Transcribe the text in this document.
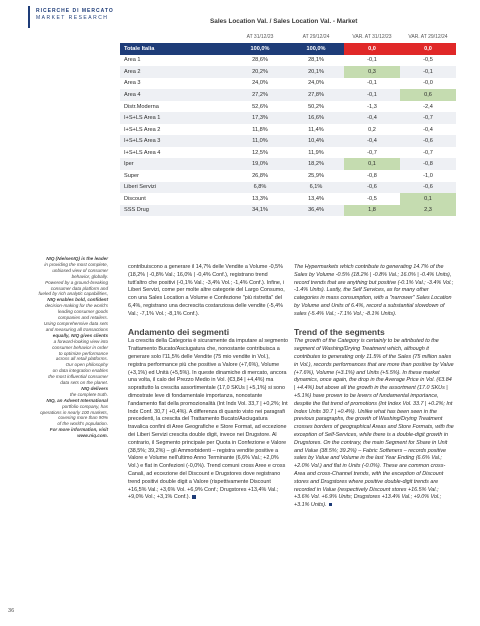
RICERCHE DI MERCATO
MARKET RESEARCH	Sales Location Val. / Sales Location Val. - Market
AT 31/12/23	AT 29/12/24	VAR. AT 31/12/23	VAR. AT 29/12/24
Totale Italia	100,0%	100,0%	0,0	0,0
Area 1	28,6%	28,1%	-0,1	-0,5
Area 2	20,2%	20,1%	0,3	-0,1
Area 3	24,0%	24,0%	-0,1	-0,0
Area 4	27,2%	27,8%	-0,1	0,6
Distr.Moderna	52,6%	50,2%	-1,3	-2,4
I+S+LS Area 1	17,3%	16,6%	-0,4	-0,7
I+S+LS Area 2	11,8%	11,4%	0,2	-0,4
I+S+LS Area 3	11,0%	10,4%	-0,4	-0,6
I+S+LS Area 4	12,5%	11,9%	-0,7	-0,7
Iper	19,0%	18,2%	0,1	-0,8
Super	26,8%	25,9%	-0,8	-1,0
Liberi Servizi	6,8%	6,1%	-0,6	-0,6
Discount	13,3%	13,4%	-0,5	0,1
SSS Drug	34,1%	36,4%	1,8	2,3
NIQ (NielsenIQ) is the leader
in providing the most complete,
unbiased view of consumer
behavior, globally.
Powered by a ground-breaking
consumer data platform and
fueled by rich analytic capabilities,
NIQ enables bold, confident
decision-making for the world's
leading consumer goods
companies and retailers.
Using comprehensive data sets
and measuring all transactions
equally, NIQ gives clients
a forward-looking view into
consumer behavior in order
to optimize performance
across all retail platforms.
Our open philosophy
on data integration enables
the most influential consumer
data sets on the planet.
NIQ delivers
the complete truth.
NIQ, an Advent International
portfolio company, has
operations in nearly 100 markets,
covering more than 90%
of the world's population.
For more information, visit
www.niq.com.

contribuiscono a generare il 14,7% delle Vendite a Volume -0,5% (18,2% | -0,8% Val.; 16,0% | -0,4% Conf.), registrano trend tutt'altro che positivi (-0,1% Val.; -3,4% Vol.; -1,4% Conf.). Infine, i Liberi Servizi, come per molte altre categorie del Largo Consumo, con una Sales Location a Volume e Confezione "più ristretta" del 6,4%, registrano una decrescita costanziosa delle vendite (-5,4% Val.; -7,1% Vol.; -8,1% Conf.).

Andamento dei segmenti

La crescita della Categoria è sicuramente da imputare al segmento Trattamento Bucato/Asciugatura che, nonostante contribuisca a generare solo l'11,5% delle Vendite (75 mio vendite in Vol.), registra performance più che positive a Valore (+7,6%), Volume (+3,1%) ed Unità (+5,5%). In queste dinamiche di mercato, ancora una volta, il calo del Prezzo Medio in Vol. (€3,84 | +4,4%) ma soprattutto la crescita assortimentale (17,0 SKUs | +5,1%) si sono dimostrate leve di fondamentale importanza, nonostante l'andamento flat della promozionalità (Int Indx Vol. 33,7 | +0,2%; Int Indx Conf. 30,7 | +0,4%). A differenza di quanto visto nei paragrafi precedenti, la crescita del Trattamento Bucato/Asciugatura travalica confini di Aree Geografiche e Store Format, ad eccezione dei Liberi Servizi crescita double digit, invece nei Drugstore. Al contrario, il Segmento principale per Quota in Confezione e Valore (38,5%; 39,2%) – gli Ammorbidenti – registra vendite positive a Valore e Volume nell'ultimo Anno Terminante (6,6% Val.; +2,0% Vol.) e flat in Confezioni (-0,0%). Trend comuni cross Aree e cross Canali, ad eccezione del Discount e Drugstores dove registrano trend positivi double digit a Valore (rispettivamente Discount +16,5% Val.; +3,6% Vol. +6,9% Conf.; Drugstores +13,4% Val.; +9,0% Vol.; +3,1% Conf.).

The Hypermarkets which contribute to generating 14.7% of the Sales by Volume -0.5% (18.2% | -0.8% Val.; 16.0% | -0.4% Units), record trends that are anything but positive (-0.1% Val.; -3.4% Vol.; -1.4% Units). Lastly, the Self Services, as for many other categories in mass consumption, with a "narrower" Sales Location by Volume and Units of 6.4%, record a substantial slowdown of sales (-5.4% Val.; -7.1% Vol.; -8.1% Units).

Trend of the segments

The growth of the Category is certainly to be attributed to the segment of Washing/Drying Treatment which, although it contributes to generating only 11.5% of the Sales (75 million sales in Vol.), records performances that are more than positive by Value (+7.6%), Volume (+3.1%) and Units (+5.5%). In these market dynamics, once again, the drop in the Average Price in Vol. (€3.84 | +4.4%) but above all the growth in the assortment (17.0 SKUs | +5.1%) have proven to be levers of fundamental importance, despite the flat trend of promotions (Int Index Vol. 33.7 | +0.2%; Int Index Units 30.7 | +0.4%). Unlike what has been seen in the previous paragraphs, the growth of Washing/Drying Treatment crosses borders of geographical Areas and Store Formats, with the exception of Self-Services, while there is a double-digit growth in Drugstores. On the contrary, the main Segment for Share in Unit and Value (38.5%; 39.2%) – Fabric Softeners – records positive sales by Value and Volume in the last Year Ending (6.6% Val.; +2.0% Vol.) and flat in Units (-0.0%). These are common cross-Area and cross-Channel trends, with the exception of Discount stores and Drugstores where positive double-digit trends are recorded in Value (respectively Discount stores +16.5% Val.; +3.6% Vol. +6.9% Units; Drugstores +13.4% Val.; +9.0% Vol.; +3.1% Units).

36
